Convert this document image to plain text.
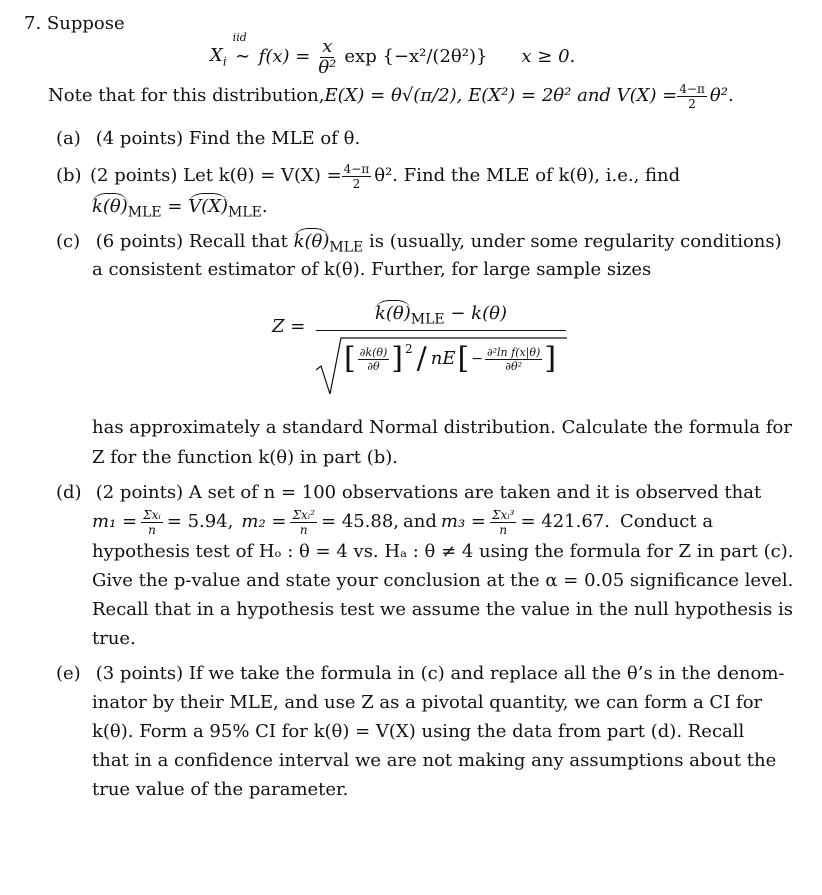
7. Suppose
$X_i$
iid
∼ $f(x) = \frac{x}{\text{θ²}}$ exp {−x²/(2θ²)} x ≥ 0.
Note that for this distribution, E(X) = θ√(π/2), E(X²) = 2θ² and $V(X) = \frac{4-\pi}{2} \theta^2$.
(a) (4 points) Find the MLE of θ.
(b) (2 points) Let $k(\theta) = V(X) = \frac{4-\pi}{2} \theta^2$. Find the MLE of k(θ), i.e., find
$k(\theta)_{MLE} = V(X)_{MLE}$.
(c) (6 points) Recall that $k(\theta)_{MLE}$ is (usually, under some regularity conditions)
a consistent estimator of k(θ). Further, for large sample sizes
Z =
$k(\theta)_{MLE} - k(\theta)$
[ $\frac{\partial k(\theta)}{\partial\theta} ]^2$ / nE [ − $\frac{\text{∂²ln f(x|θ)}}{\text{∂θ²}}$ ]
has approximately a standard Normal distribution. Calculate the formula for
Z for the function k(θ) in part (b).
(d) (2 points) A set of n = 100 observations are taken and it is observed that
$m_1 = \frac{\text{Σxᵢ}}{n} = 5.94$, $m_2 = \frac{\text{Σxᵢ²}}{n} = 45.88$, and $m_3 = \frac{\text{Σxᵢ³}}{n} = 421.67$. Conduct a
hypothesis test of Hₒ : θ = 4 vs. Hₐ : θ ≠ 4 using the formula for Z in part (c).
Give the p-value and state your conclusion at the α = 0.05 significance level.
Recall that in a hypothesis test we assume the value in the null hypothesis is
true.
(e) (3 points) If we take the formula in (c) and replace all the θ’s in the denom-
inator by their MLE, and use Z as a pivotal quantity, we can form a CI for
k(θ). Form a 95% CI for k(θ) = V(X) using the data from part (d). Recall
that in a confidence interval we are not making any assumptions about the
true value of the parameter.
